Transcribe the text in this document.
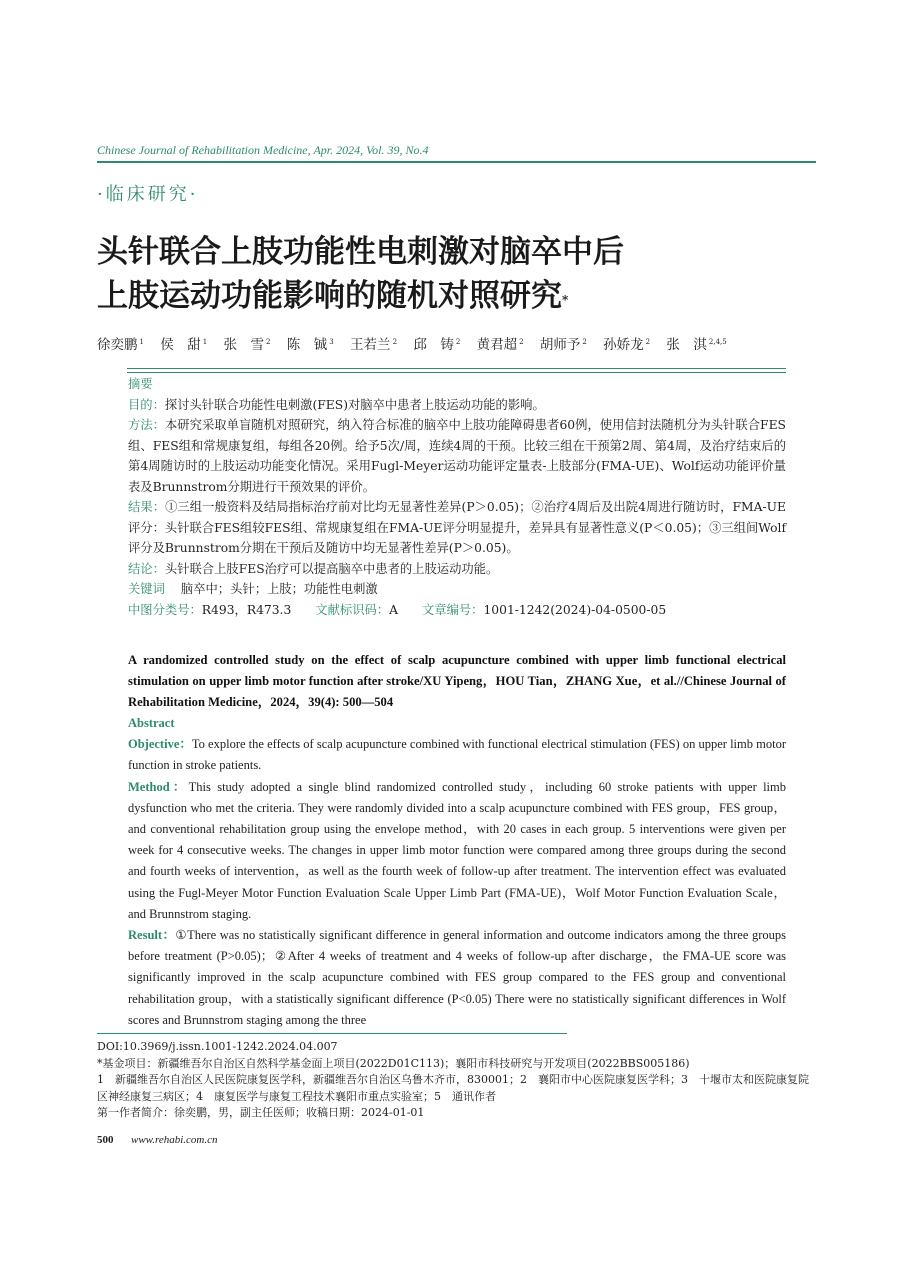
Chinese Journal of Rehabilitation Medicine, Apr. 2024, Vol. 39, No.4
·临床研究·
头针联合上肢功能性电刺激对脑卒中后
上肢运动功能影响的随机对照研究*
徐奕鹏 $^1$ 侯　甜 $^1$ 张　雪 $^2$ 陈　铖 $^3$ 王若兰 $^2$ 邱　铸 $^2$ 黄君超 $^2$ 胡师予 $^2$ 孙娇龙 $^2$ 张　淇 $^{2,4,5}$

摘要

目的：探讨头针联合功能性电刺激(FES)对脑卒中患者上肢运动功能的影响。

方法：本研究采取单盲随机对照研究，纳入符合标准的脑卒中上肢功能障碍患者60例，使用信封法随机分为头针联合FES组、FES组和常规康复组，每组各20例。给予5次/周，连续4周的干预。比较三组在干预第2周、第4周，及治疗结束后的第4周随访时的上肢运动功能变化情况。采用Fugl-Meyer运动功能评定量表-上肢部分(FMA-UE)、Wolf运动功能评价量表及Brunnstrom分期进行干预效果的评价。

结果：①三组一般资料及结局指标治疗前对比均无显著性差异(P＞0.05)；②治疗4周后及出院4周进行随访时，FMA-UE评分：头针联合FES组较FES组、常规康复组在FMA-UE评分明显提升，差异具有显著性意义(P＜0.05)；③三组间Wolf评分及Brunnstrom分期在干预后及随访中均无显著性差异(P＞0.05)。

结论：头针联合上肢FES治疗可以提高脑卒中患者的上肢运动功能。

关键词 脑卒中；头针；上肢；功能性电刺激

中图分类号：R493，R473.3 文献标识码：A 文章编号：1001-1242(2024)-04-0500-05

A randomized controlled study on the effect of scalp acupuncture combined with upper limb functional electrical stimulation on upper limb motor function after stroke/XU Yipeng，HOU Tian，ZHANG Xue，et al.//Chinese Journal of Rehabilitation Medicine，2024，39(4): 500—504

Abstract

Objective：To explore the effects of scalp acupuncture combined with functional electrical stimulation (FES) on upper limb motor function in stroke patients.

Method：This study adopted a single blind randomized controlled study，including 60 stroke patients with upper limb dysfunction who met the criteria. They were randomly divided into a scalp acupuncture combined with FES group，FES group，and conventional rehabilitation group using the envelope method，with 20 cases in each group. 5 interventions were given per week for 4 consecutive weeks. The changes in upper limb motor function were compared among three groups during the second and fourth weeks of intervention，as well as the fourth week of follow-up after treatment. The intervention effect was evaluated using the Fugl-Meyer Motor Function Evaluation Scale Upper Limb Part (FMA-UE)，Wolf Motor Function Evaluation Scale，and Brunnstrom staging.

Result：①There was no statistically significant difference in general information and outcome indicators among the three groups before treatment (P>0.05)；②After 4 weeks of treatment and 4 weeks of follow-up after discharge，the FMA-UE score was significantly improved in the scalp acupuncture combined with FES group compared to the FES group and conventional rehabilitation group，with a statistically significant difference (P<0.05) There were no statistically significant differences in Wolf scores and Brunnstrom staging among the three

DOI:10.3969/j.issn.1001-1242.2024.04.007

*基金项目：新疆维吾尔自治区自然科学基金面上项目(2022D01C113)；襄阳市科技研究与开发项目(2022BBS005186)

1　新疆维吾尔自治区人民医院康复医学科，新疆维吾尔自治区乌鲁木齐市，830001；2　襄阳市中心医院康复医学科；3　十堰市太和医院康复院区神经康复三病区；4　康复医学与康复工程技术襄阳市重点实验室；5　通讯作者

第一作者简介：徐奕鹏，男，副主任医师；收稿日期：2024-01-01

500 www.rehabi.com.cn
